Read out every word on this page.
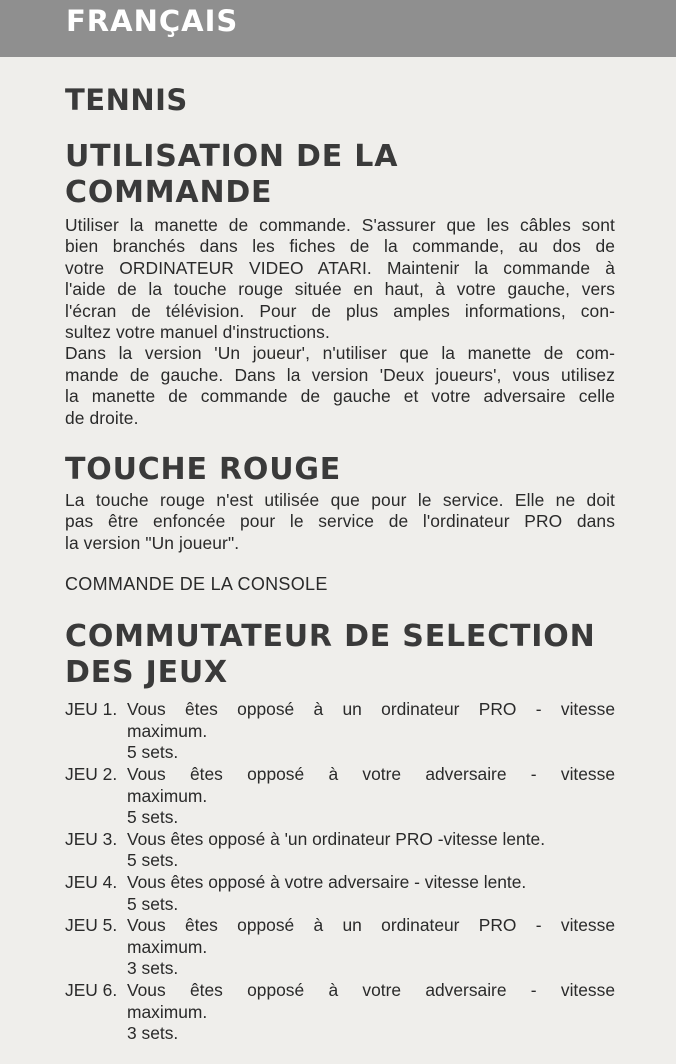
FRANÇAIS
TENNIS
UTILISATION DE LA COMMANDE
Utiliser la manette de commande. S'assurer que les câbles sont
bien branchés dans les fiches de la commande, au dos de
votre ORDINATEUR VIDEO ATARI. Maintenir la commande à
l'aide de la touche rouge située en haut, à votre gauche, vers
l'écran de télévision. Pour de plus amples informations, con-
sultez votre manuel d'instructions.
Dans la version 'Un joueur', n'utiliser que la manette de com-
mande de gauche. Dans la version 'Deux joueurs', vous utilisez
la manette de commande de gauche et votre adversaire celle
de droite.
TOUCHE ROUGE
La touche rouge n'est utilisée que pour le service. Elle ne doit
pas être enfoncée pour le service de l'ordinateur PRO dans
la version "Un joueur".
COMMANDE DE LA CONSOLE
COMMUTATEUR DE SELECTION
DES JEUX
JEU 1. Vous êtes opposé à un ordinateur PRO - vitesse
maximum.
5 sets.
JEU 2. Vous êtes opposé à votre adversaire - vitesse
maximum.
5 sets.
JEU 3. Vous êtes opposé à 'un ordinateur PRO -vitesse lente.
5 sets.
JEU 4. Vous êtes opposé à votre adversaire - vitesse lente.
5 sets.
JEU 5. Vous êtes opposé à un ordinateur PRO - vitesse
maximum.
3 sets.
JEU 6. Vous êtes opposé à votre adversaire - vitesse
maximum.
3 sets.
